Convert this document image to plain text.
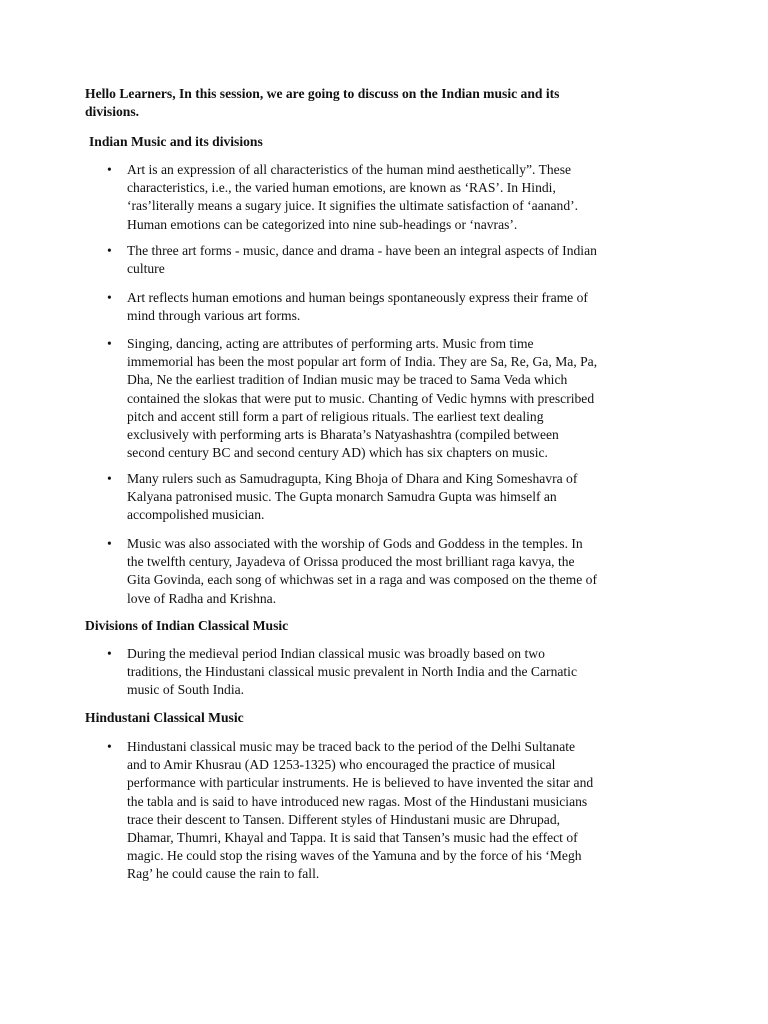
Hello Learners, In this session, we are going to discuss on the Indian music and its
divisions.

Indian Music and its divisions

• Art is an expression of all characteristics of the human mind aesthetically”. These
characteristics, i.e., the varied human emotions, are known as ‘RAS’. In Hindi,
‘ras’literally means a sugary juice. It signifies the ultimate satisfaction of ‘aanand’.
Human emotions can be categorized into nine sub-headings or ‘navras’.
• The three art forms - music, dance and drama - have been an integral aspects of Indian
culture
• Art reflects human emotions and human beings spontaneously express their frame of
mind through various art forms.
• Singing, dancing, acting are attributes of performing arts. Music from time
immemorial has been the most popular art form of India. They are Sa, Re, Ga, Ma, Pa,
Dha, Ne the earliest tradition of Indian music may be traced to Sama Veda which
contained the slokas that were put to music. Chanting of Vedic hymns with prescribed
pitch and accent still form a part of religious rituals. The earliest text dealing
exclusively with performing arts is Bharata’s Natyashashtra (compiled between
second century BC and second century AD) which has six chapters on music.
• Many rulers such as Samudragupta, King Bhoja of Dhara and King Someshavra of
Kalyana patronised music. The Gupta monarch Samudra Gupta was himself an
accompolished musician.
• Music was also associated with the worship of Gods and Goddess in the temples. In
the twelfth century, Jayadeva of Orissa produced the most brilliant raga kavya, the
Gita Govinda, each song of whichwas set in a raga and was composed on the theme of
love of Radha and Krishna.

Divisions of Indian Classical Music

• During the medieval period Indian classical music was broadly based on two
traditions, the Hindustani classical music prevalent in North India and the Carnatic
music of South India.

Hindustani Classical Music

• Hindustani classical music may be traced back to the period of the Delhi Sultanate
and to Amir Khusrau (AD 1253-1325) who encouraged the practice of musical
performance with particular instruments. He is believed to have invented the sitar and
the tabla and is said to have introduced new ragas. Most of the Hindustani musicians
trace their descent to Tansen. Different styles of Hindustani music are Dhrupad,
Dhamar, Thumri, Khayal and Tappa. It is said that Tansen’s music had the effect of
magic. He could stop the rising waves of the Yamuna and by the force of his ‘Megh
Rag’ he could cause the rain to fall.
